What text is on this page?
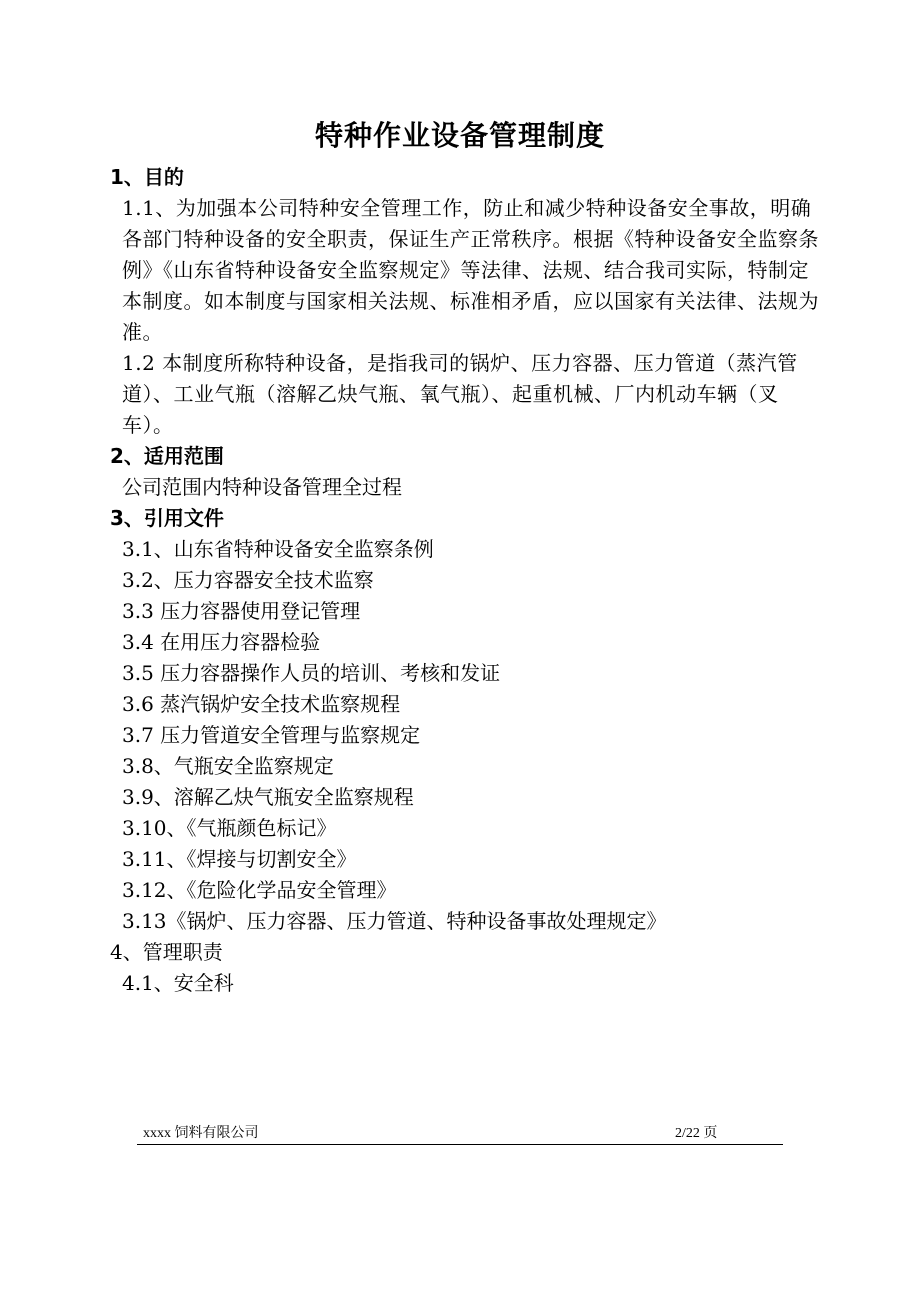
特种作业设备管理制度

1、目的

1.1、为加强本公司特种安全管理工作，防止和减少特种设备安全事故，明确各部门特种设备的安全职责，保证生产正常秩序。根据《特种设备安全监察条例》《山东省特种设备安全监察规定》等法律、法规、结合我司实际，特制定本制度。如本制度与国家相关法规、标准相矛盾，应以国家有关法律、法规为准。

1.2 本制度所称特种设备，是指我司的锅炉、压力容器、压力管道（蒸汽管道）、工业气瓶（溶解乙炔气瓶、氧气瓶）、起重机械、厂内机动车辆（叉车）。

2、适用范围

公司范围内特种设备管理全过程

3、引用文件

3.1、山东省特种设备安全监察条例

3.2、压力容器安全技术监察

3.3 压力容器使用登记管理

3.4 在用压力容器检验

3.5 压力容器操作人员的培训、考核和发证

3.6 蒸汽锅炉安全技术监察规程

3.7 压力管道安全管理与监察规定

3.8、气瓶安全监察规定

3.9、溶解乙炔气瓶安全监察规程

3.10、《气瓶颜色标记》

3.11、《焊接与切割安全》

3.12、《危险化学品安全管理》

3.13《锅炉、压力容器、压力管道、特种设备事故处理规定》

4、管理职责

4.1、安全科

xxxx 饲料有限公司	2/22 页
